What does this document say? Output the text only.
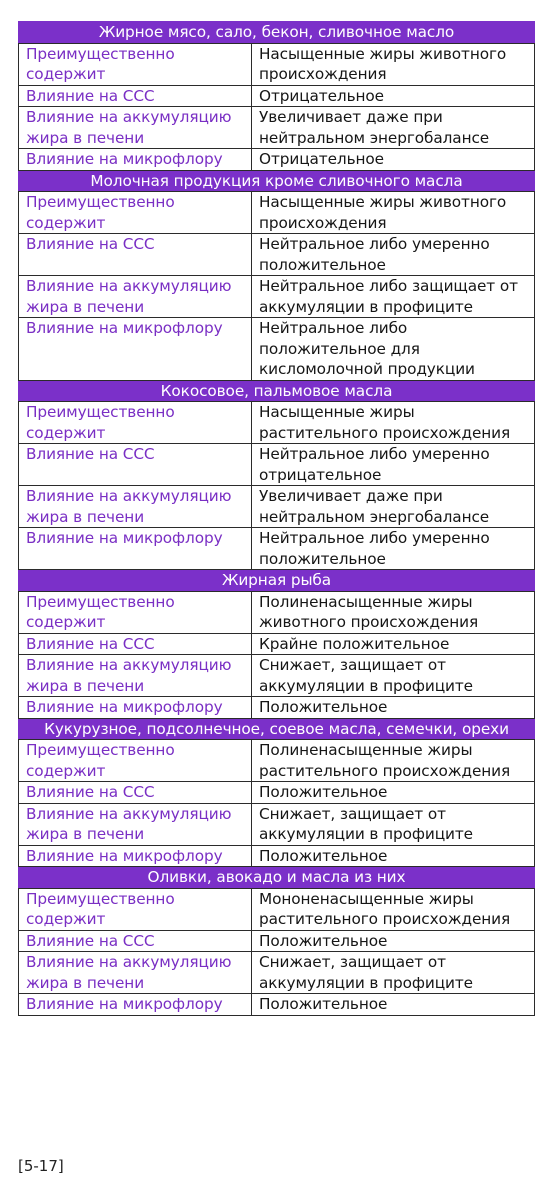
Жирное мясо, сало, бекон, сливочное масло	
Преимущественно содержит	Насыщенные жиры животного происхождения
Влияние на ССС	Отрицательное
Влияние на аккумуляцию жира в печени	Увеличивает даже при нейтральном энергобалансе
Влияние на микрофлору	Отрицательное
Молочная продукция кроме сливочного масла	
Преимущественно содержит	Насыщенные жиры животного происхождения
Влияние на ССС	Нейтральное либо умеренно положительное
Влияние на аккумуляцию жира в печени	Нейтральное либо защищает от аккумуляции в профиците
Влияние на микрофлору	Нейтральное либо положительное для кисломолочной продукции
Кокосовое, пальмовое масла	
Преимущественно содержит	Насыщенные жиры растительного происхождения
Влияние на ССС	Нейтральное либо умеренно отрицательное
Влияние на аккумуляцию жира в печени	Увеличивает даже при нейтральном энергобалансе
Влияние на микрофлору	Нейтральное либо умеренно положительное
Жирная рыба	
Преимущественно содержит	Полиненасыщенные жиры животного происхождения
Влияние на ССС	Крайне положительное
Влияние на аккумуляцию жира в печени	Снижает, защищает от аккумуляции в профиците
Влияние на микрофлору	Положительное
Кукурузное, подсолнечное, соевое масла, семечки, орехи	
Преимущественно содержит	Полиненасыщенные жиры растительного происхождения
Влияние на ССС	Положительное
Влияние на аккумуляцию жира в печени	Снижает, защищает от аккумуляции в профиците
Влияние на микрофлору	Положительное
Оливки, авокадо и масла из них	
Преимущественно содержит	Мононенасыщенные жиры растительного происхождения
Влияние на ССС	Положительное
Влияние на аккумуляцию жира в печени	Снижает, защищает от аккумуляции в профиците
Влияние на микрофлору	Положительное
[5-17]
